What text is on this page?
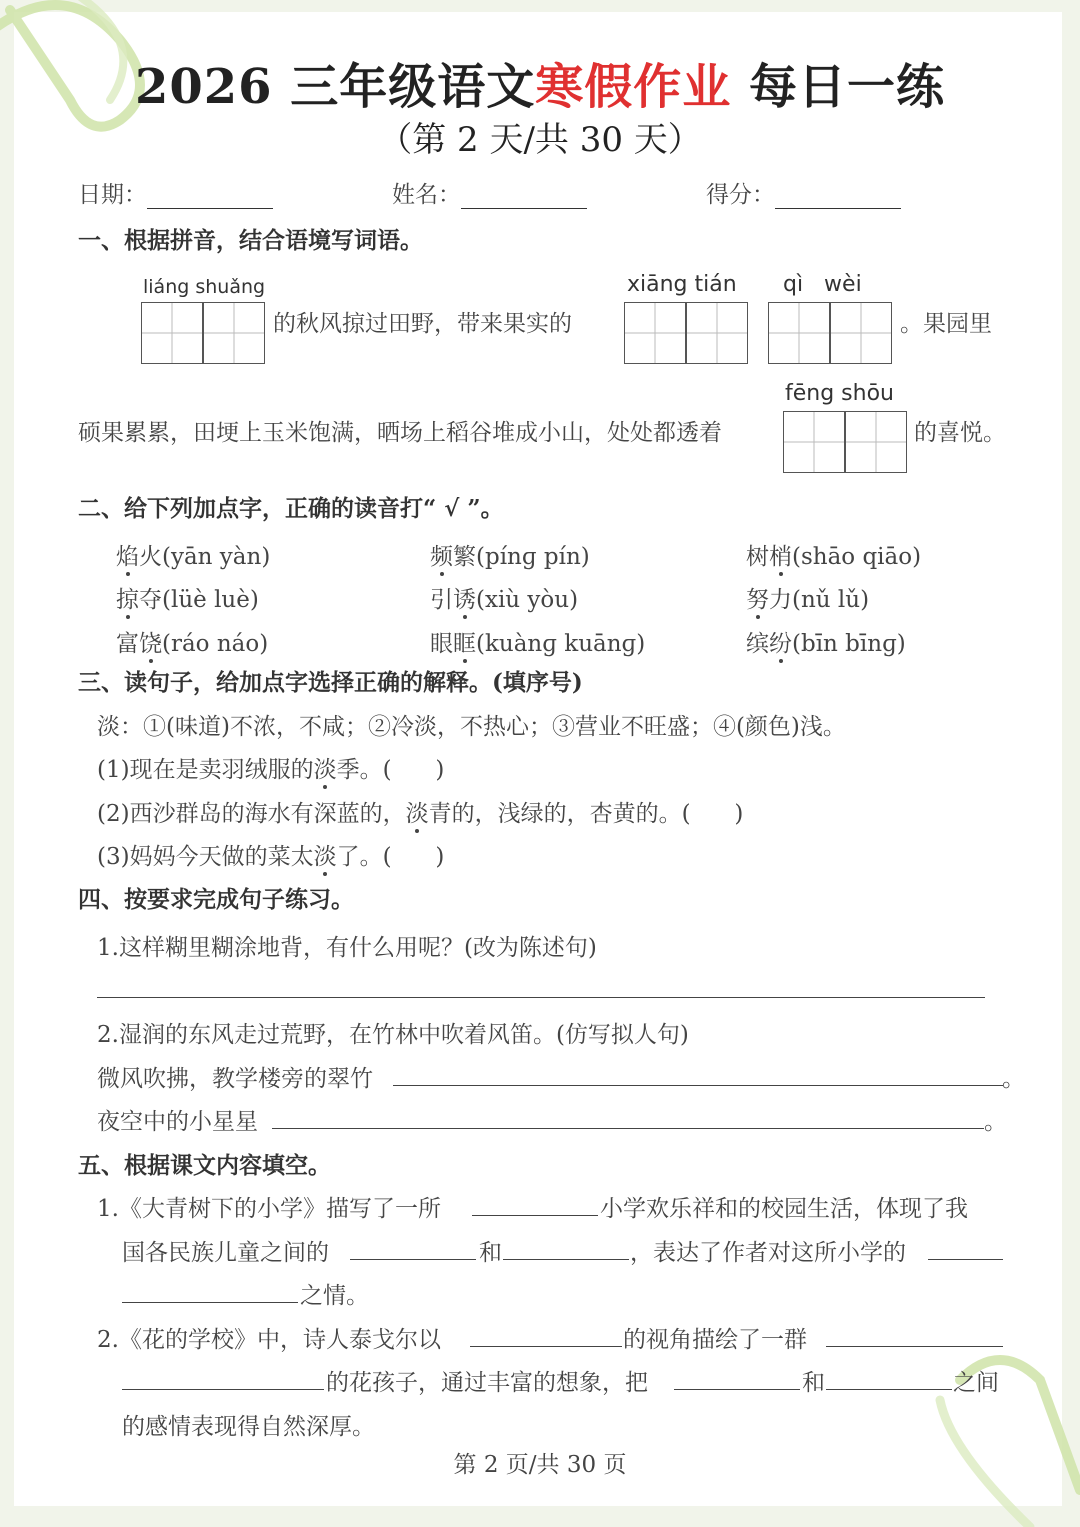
2026 三年级语文寒假作业 每日一练
（第 2 天/共 30 天）
日期：	姓名：	得分：
一、根据拼音，结合语境写词语。
liáng shuǎng
的秋风掠过田野，带来果实的
xiāng tián qì   wèi
。果园里
硕果累累，田埂上玉米饱满，晒场上稻谷堆成小山，处处都透着
fēng shōu
的喜悦。
二、给下列加点字，正确的读音打“ √ ”。
焰火(yān yàn)	频繁(pínɡ pín)	树梢(shāo qiāo)
掠夺(lüè luè)	引诱(xiù yòu)	努力(nǔ lǔ)
富饶(ráo náo)	眼眶(kuànɡ kuānɡ)	缤纷(bīn bīnɡ)
三、读句子，给加点字选择正确的解释。(填序号)
淡：①(味道)不浓，不咸；②冷淡，不热心；③营业不旺盛；④(颜色)浅。
(1)现在是卖羽绒服的淡季。(      )
(2)西沙群岛的海水有深蓝的，淡青的，浅绿的，杏黄的。(      )
(3)妈妈今天做的菜太淡了。(      )
四、按要求完成句子练习。
1.这样糊里糊涂地背，有什么用呢？(改为陈述句)
2.湿润的东风走过荒野，在竹林中吹着风笛。(仿写拟人句)
微风吹拂，教学楼旁的翠竹	。
夜空中的小星星	。
五、根据课文内容填空。
1.《大青树下的小学》描写了一所	小学欢乐祥和的校园生活，体现了我
国各民族儿童之间的	和	，表达了作者对这所小学的
之情。
2.《花的学校》中，诗人泰戈尔以	的视角描绘了一群
的花孩子，通过丰富的想象，把	和	之间
的感情表现得自然深厚。
第 2 页/共 30 页
